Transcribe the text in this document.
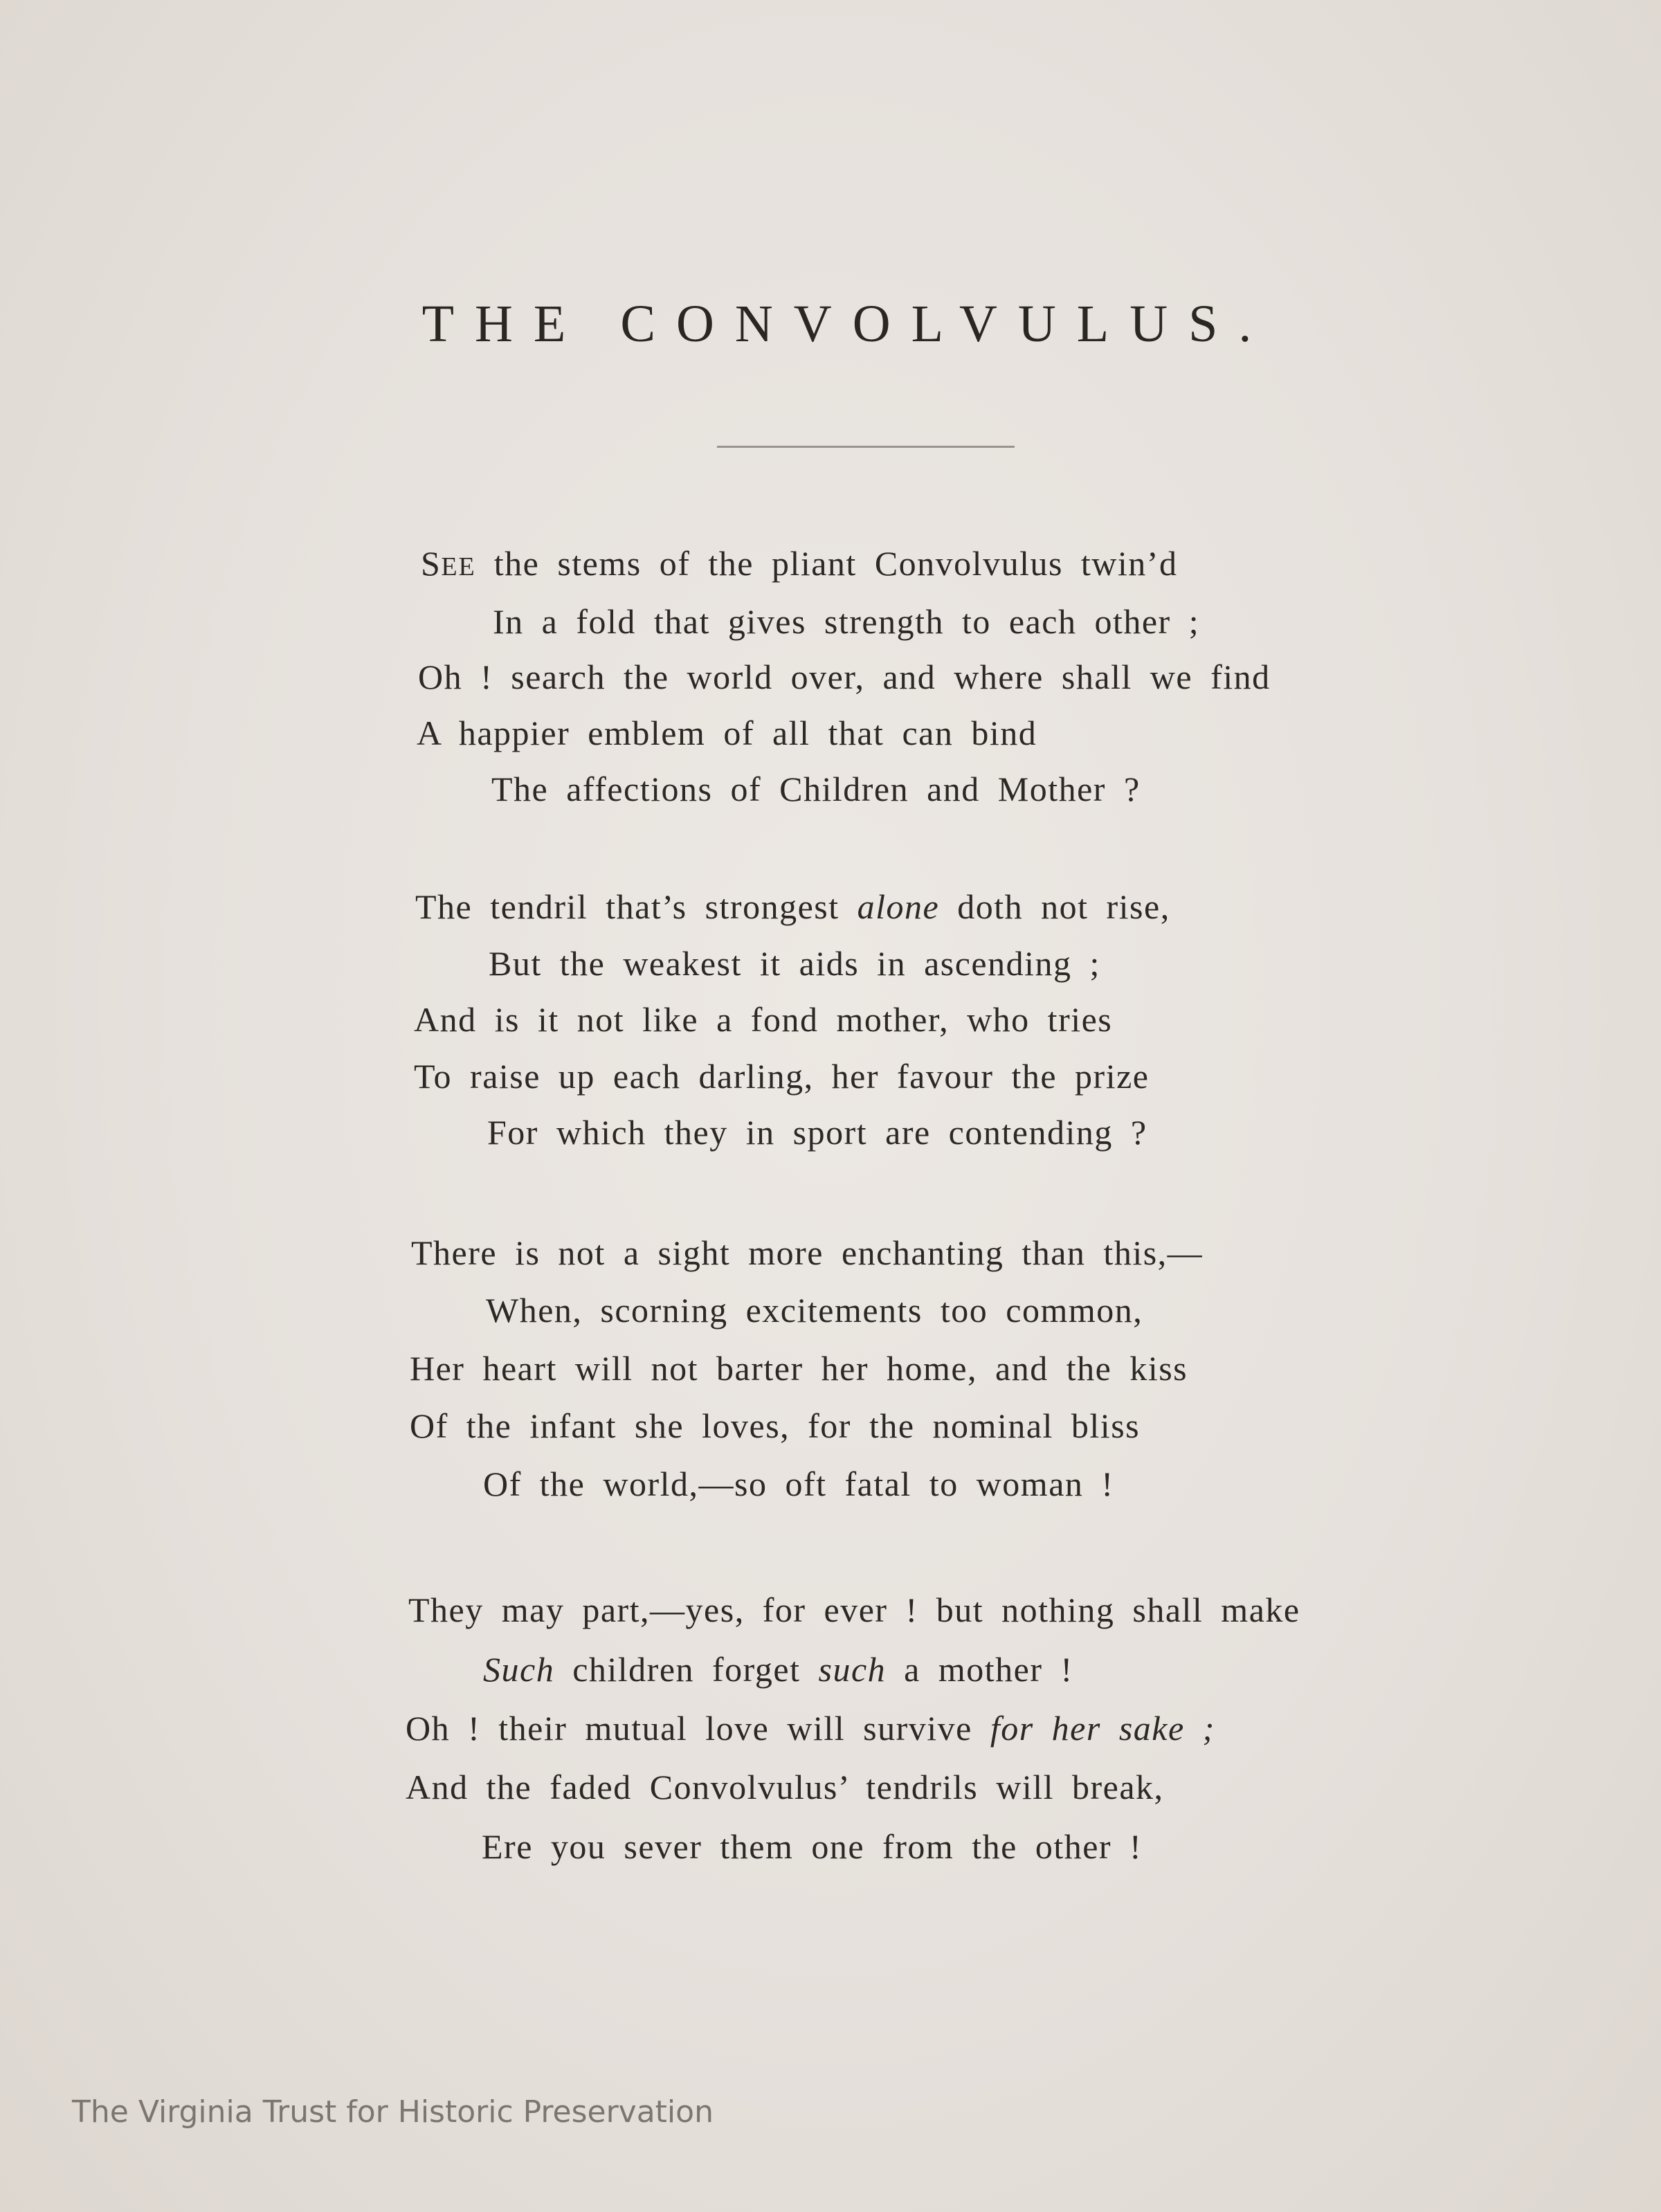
THE CONVOLVULUS.
SEE the stems of the pliant Convolvulus twin’d
In a fold that gives strength to each other ;
Oh ! search the world over, and where shall we find
A happier emblem of all that can bind
The affections of Children and Mother ?
The tendril that’s strongest alone doth not rise,
But the weakest it aids in ascending ;
And is it not like a fond mother, who tries
To raise up each darling, her favour the prize
For which they in sport are contending ?
There is not a sight more enchanting than this,—
When, scorning excitements too common,
Her heart will not barter her home, and the kiss
Of the infant she loves, for the nominal bliss
Of the world,—so oft fatal to woman !
They may part,—yes, for ever ! but nothing shall make
Such children forget such a mother !
Oh ! their mutual love will survive for her sake ;
And the faded Convolvulus’ tendrils will break,
Ere you sever them one from the other !
The Virginia Trust for Historic Preservation
